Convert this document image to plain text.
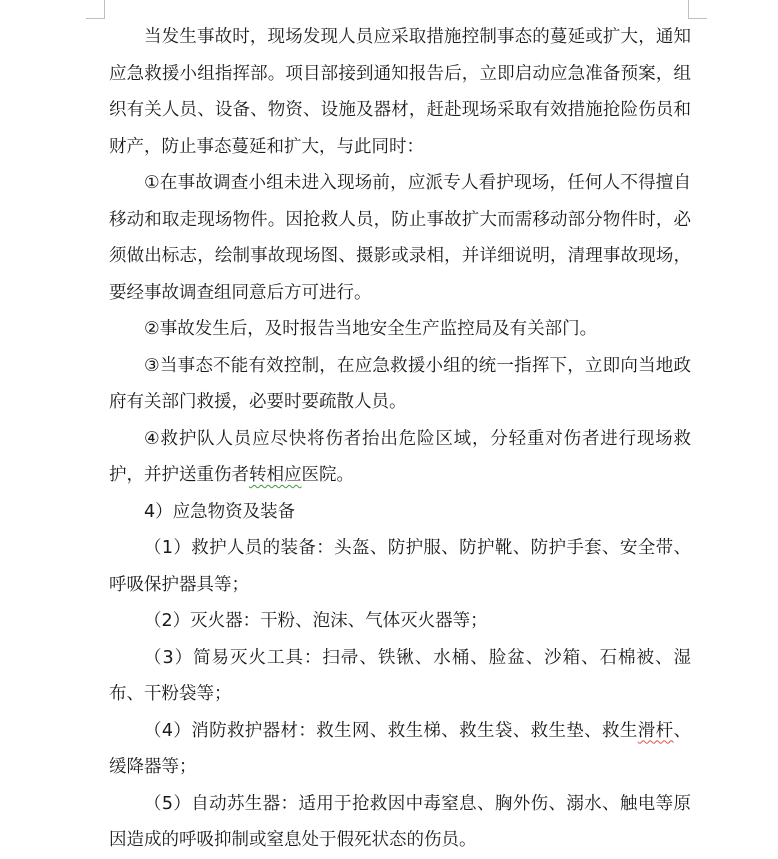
当发生事故时，现场发现人员应采取措施控制事态的蔓延或扩大，通知应急救援小组指挥部。项目部接到通知报告后，立即启动应急准备预案，组织有关人员、设备、物资、设施及器材，赶赴现场采取有效措施抢险伤员和财产，防止事态蔓延和扩大，与此同时：

①在事故调查小组未进入现场前，应派专人看护现场，任何人不得擅自移动和取走现场物件。因抢救人员，防止事故扩大而需移动部分物件时，必须做出标志，绘制事故现场图、摄影或录相，并详细说明，清理事故现场，要经事故调查组同意后方可进行。

②事故发生后，及时报告当地安全生产监控局及有关部门。

③当事态不能有效控制，在应急救援小组的统一指挥下，立即向当地政府有关部门救援，必要时要疏散人员。

④救护队人员应尽快将伤者抬出危险区域，分轻重对伤者进行现场救护，并护送重伤者转相应医院。

4）应急物资及装备

（1）救护人员的装备：头盔、防护服、防护靴、防护手套、安全带、呼吸保护器具等；

（2）灭火器：干粉、泡沫、气体灭火器等；

（3）简易灭火工具：扫帚、铁锹、水桶、脸盆、沙箱、石棉被、湿布、干粉袋等；

（4）消防救护器材：救生网、救生梯、救生袋、救生垫、救生滑杆、缓降器等；

（5）自动苏生器：适用于抢救因中毒窒息、胸外伤、溺水、触电等原因造成的呼吸抑制或窒息处于假死状态的伤员。
